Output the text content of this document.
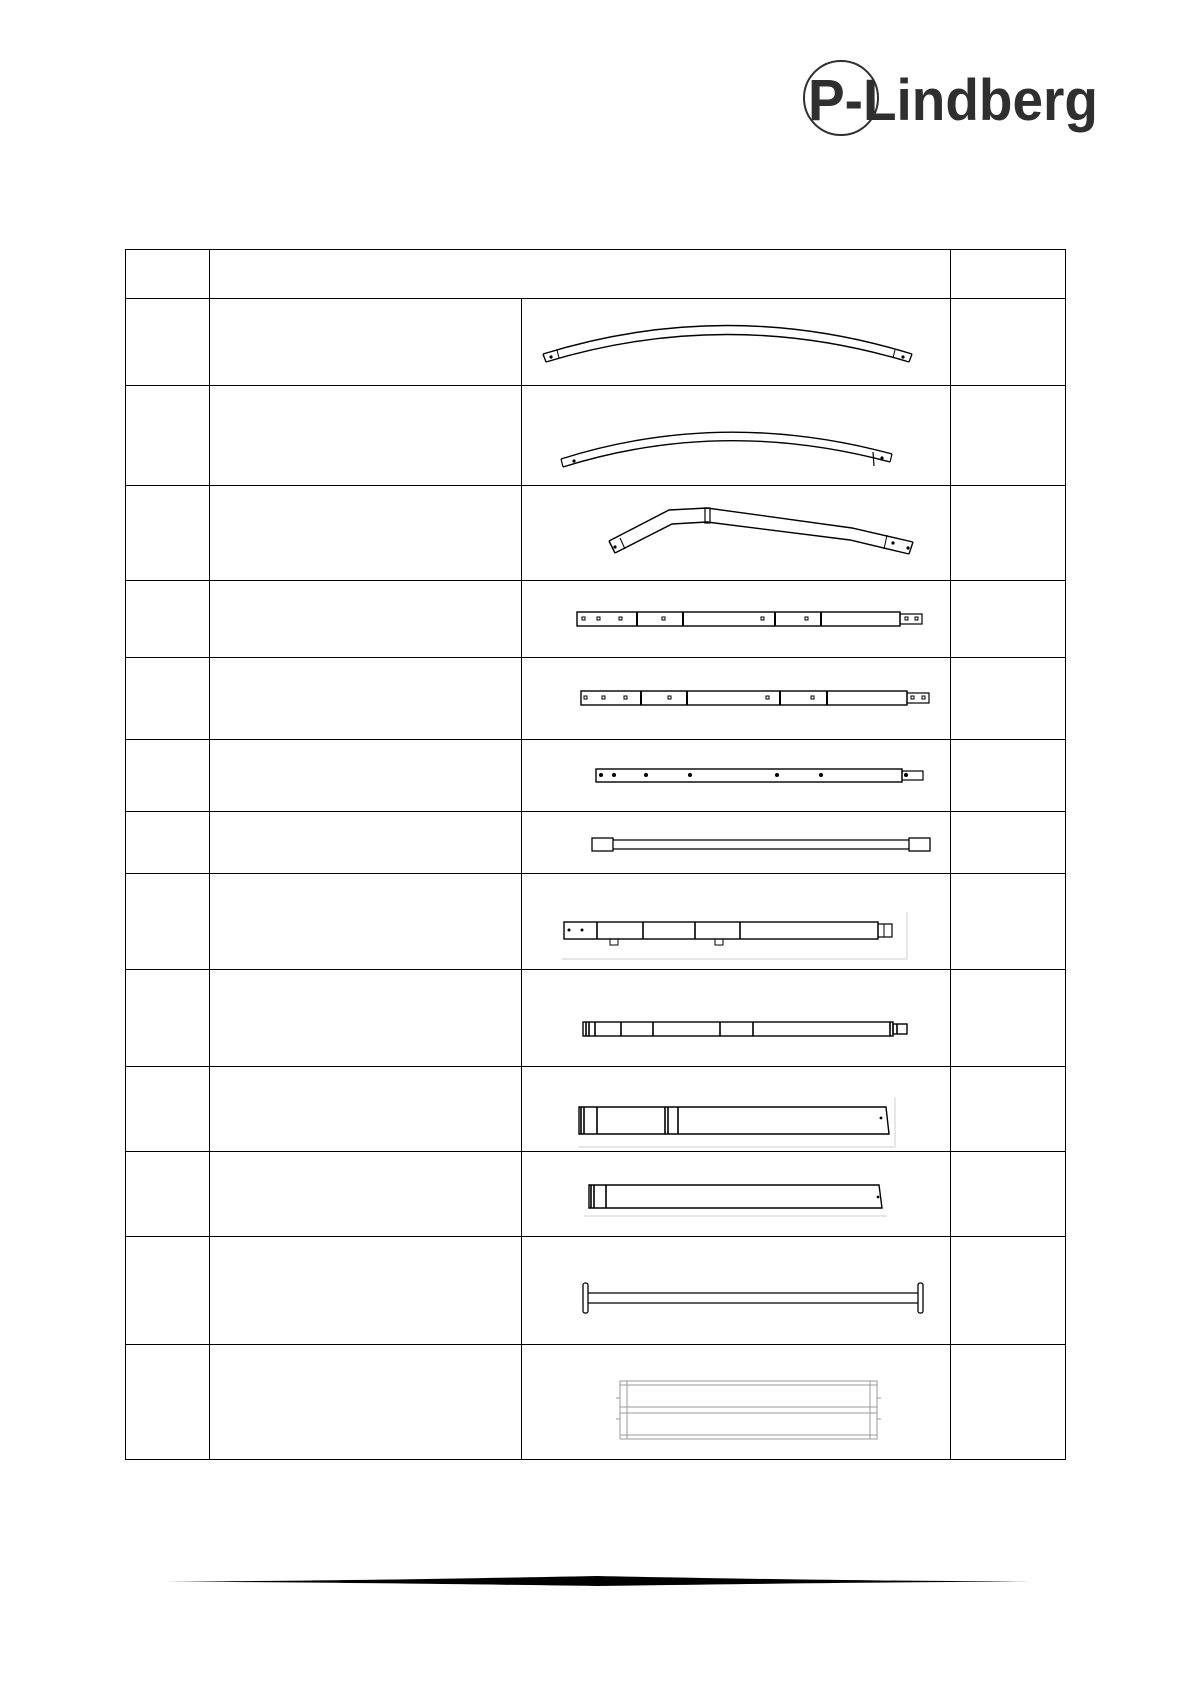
P-Lindberg
